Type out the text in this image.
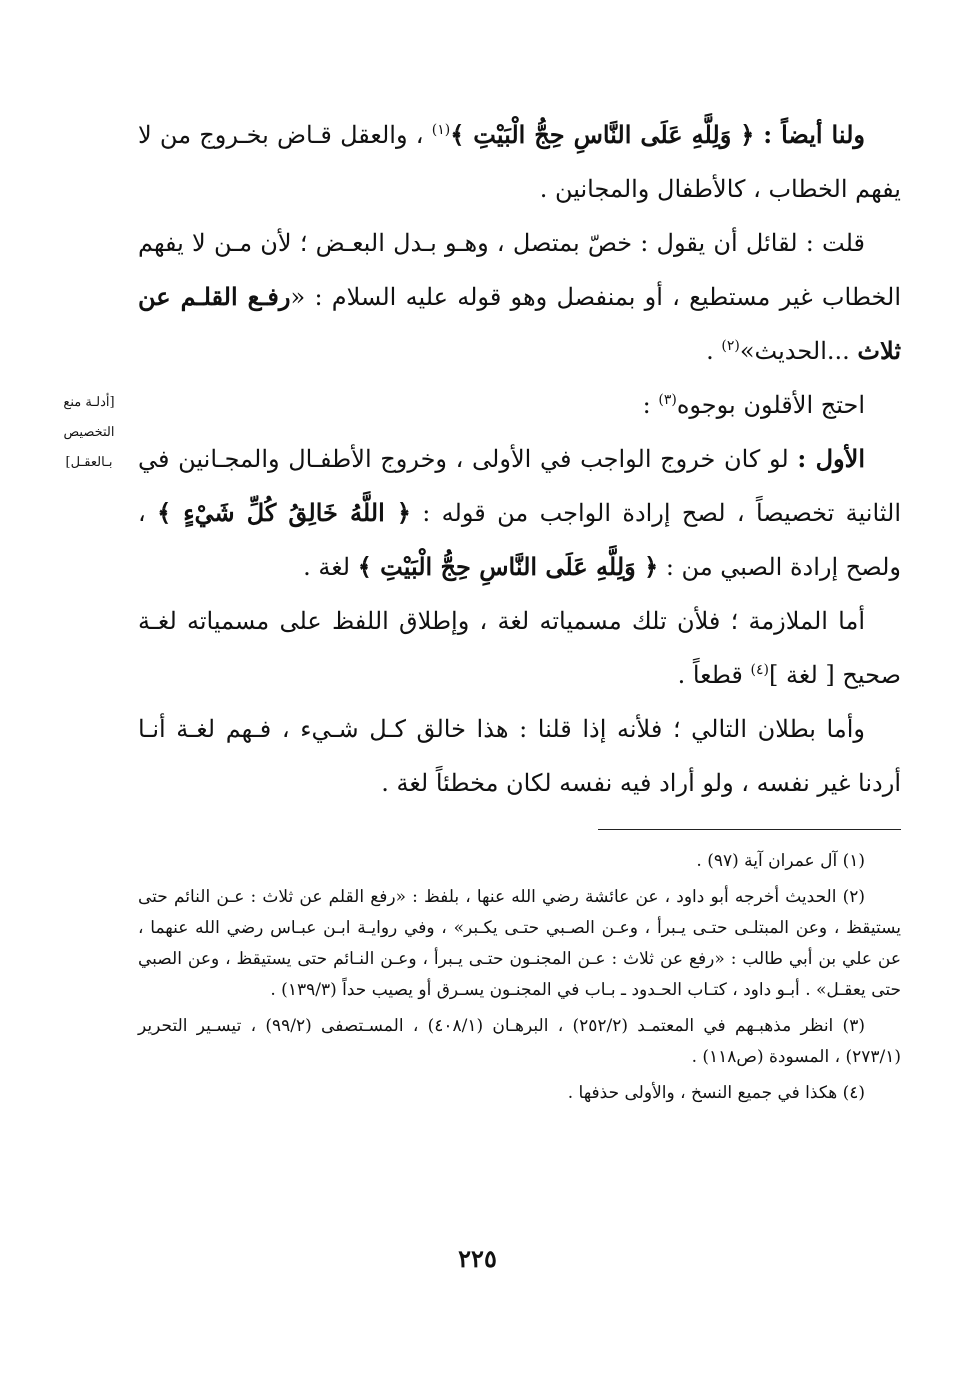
ولنا أيضاً : ﴿ وَلِلَّهِ عَلَى النَّاسِ حِجُّ الْبَيْتِ ﴾$^{(١)}$ ، والعقل قـاض بخـروج من لا يفهم الخطاب ، كالأطفال والمجانين .

قلت : لقائل أن يقول : خصّ بمتصل ، وهـو بـدل البعـض ؛ لأن مـن لا يفهم الخطاب غير مستطيع ، أو بمنفصل وهو قوله عليه السلام : «رفـع القلـم عن ثلاث ...الحديث»$^{(٢)}$ .

احتج الأقلون بوجوه$^{(٣)}$ :

الأول : لو كان خروج الواجب في الأولى ، وخروج الأطفـال والمجـانين في الثانية تخصيصاً ، لصح إرادة الواجب من قوله : ﴿ اللَّهُ خَالِقُ كُلِّ شَيْءٍ ﴾ ، ولصح إرادة الصبي من : ﴿ وَلِلَّهِ عَلَى النَّاسِ حِجُّ الْبَيْتِ ﴾ لغة .

أما الملازمة ؛ فلأن تلك مسمياته لغة ، وإطلاق اللفظ على مسمياته لغـة صحيح [ لغة ]$^{(٤)}$ قطعاً .

وأما بطلان التالي ؛ فلأنه إذا قلنا : هذا خالق كـل شـيء ، فـهم لغـة أنـا أردنا غير نفسه ، ولو أراد فيه نفسه لكان مخطئاً لغة .

[أدلـة منع
التخصيص
بـالعقـل]

(١) آل عمران آية (٩٧) .

(٢) الحديث أخرجه أبو داود ، عن عائشة رضي الله عنها ، بلفظ : «رفع القلم عن ثلاث : عـن النائم حتى يستيقظ ، وعن المبتلـى حتـى يـبرأ ، وعـن الصـبي حتـى يكـبر» ، وفي روايـة ابـن عبـاس رضي الله عنهما ، عن علي بن أبي طالب : «رفع عن ثلاث : عـن المجنـون حتـى يـبرأ ، وعـن النـائم حتى يستيقظ ، وعن الصبي حتى يعقـل» . أبـو داود ، كتـاب الحـدود ـ بـاب في المجنـون يسـرق أو يصيب حداً (١٣٩/٣) .

(٣) انظر مذهبـهم في المعتمـد (٢٥٢/٢) ، البرهـان (٤٠٨/١) ، المسـتصفى (٩٩/٢) ، تيسـير التحرير (٢٧٣/١) ، المسودة (ص١١٨) .

(٤) هكذا في جميع النسخ ، والأولى حذفها .

٢٢٥
